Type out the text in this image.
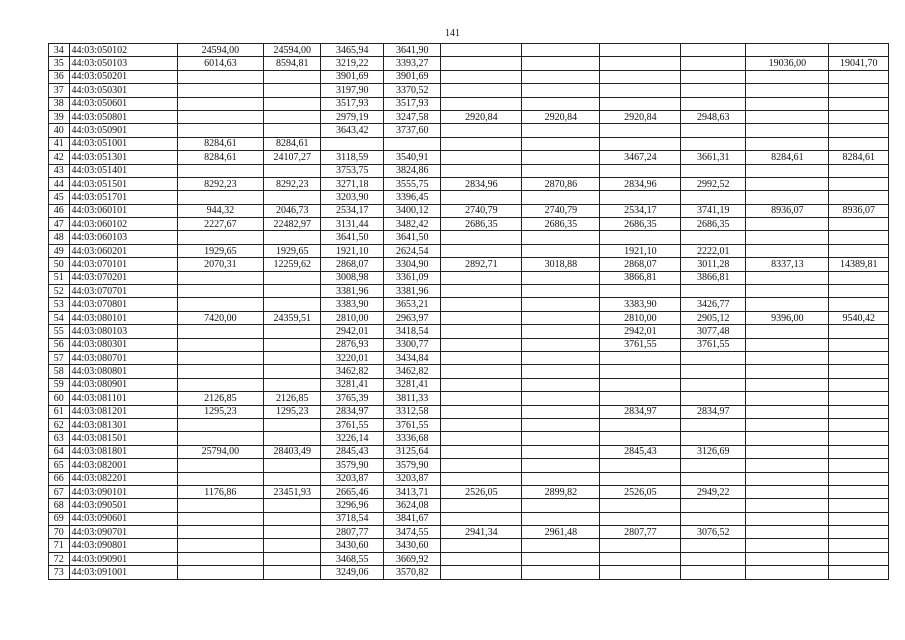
141
34	44:03:050102	24594,00	24594,00	3465,94	3641,90						
35	44:03:050103	6014,63	8594,81	3219,22	3393,27					19036,00	19041,70
36	44:03:050201			3901,69	3901,69						
37	44:03:050301			3197,90	3370,52						
38	44:03:050601			3517,93	3517,93						
39	44:03:050801			2979,19	3247,58	2920,84	2920,84	2920,84	2948,63		
40	44:03:050901			3643,42	3737,60						
41	44:03:051001	8284,61	8284,61								
42	44:03:051301	8284,61	24107,27	3118,59	3540,91			3467,24	3661,31	8284,61	8284,61
43	44:03:051401			3753,75	3824,86						
44	44:03:051501	8292,23	8292,23	3271,18	3555,75	2834,96	2870,86	2834,96	2992,52		
45	44:03:051701			3203,90	3396,45						
46	44:03:060101	944,32	2046,73	2534,17	3400,12	2740,79	2740,79	2534,17	3741,19	8936,07	8936,07
47	44:03:060102	2227,67	22482,97	3131,44	3482,42	2686,35	2686,35	2686,35	2686,35		
48	44:03:060103			3641,50	3641,50						
49	44:03:060201	1929,65	1929,65	1921,10	2624,54			1921,10	2222,01		
50	44:03:070101	2070,31	12259,62	2868,07	3304,90	2892,71	3018,88	2868,07	3011,28	8337,13	14389,81
51	44:03:070201			3008,98	3361,09			3866,81	3866,81		
52	44:03:070701			3381,96	3381,96						
53	44:03:070801			3383,90	3653,21			3383,90	3426,77		
54	44:03:080101	7420,00	24359,51	2810,00	2963,97			2810,00	2905,12	9396,00	9540,42
55	44:03:080103			2942,01	3418,54			2942,01	3077,48		
56	44:03:080301			2876,93	3300,77			3761,55	3761,55		
57	44:03:080701			3220,01	3434,84						
58	44:03:080801			3462,82	3462,82						
59	44:03:080901			3281,41	3281,41						
60	44:03:081101	2126,85	2126,85	3765,39	3811,33						
61	44:03:081201	1295,23	1295,23	2834,97	3312,58			2834,97	2834,97		
62	44:03:081301			3761,55	3761,55						
63	44:03:081501			3226,14	3336,68						
64	44:03:081801	25794,00	28403,49	2845,43	3125,64			2845,43	3126,69		
65	44:03:082001			3579,90	3579,90						
66	44:03:082201			3203,87	3203,87						
67	44:03:090101	1176,86	23451,93	2665,46	3413,71	2526,05	2899,82	2526,05	2949,22		
68	44:03:090501			3296,96	3624,08						
69	44:03:090601			3718,54	3841,67						
70	44:03:090701			2807,77	3474,55	2941,34	2961,48	2807,77	3076,52		
71	44:03:090801			3430,60	3430,60						
72	44:03:090901			3468,55	3669,92						
73	44:03:091001			3249,06	3570,82						
